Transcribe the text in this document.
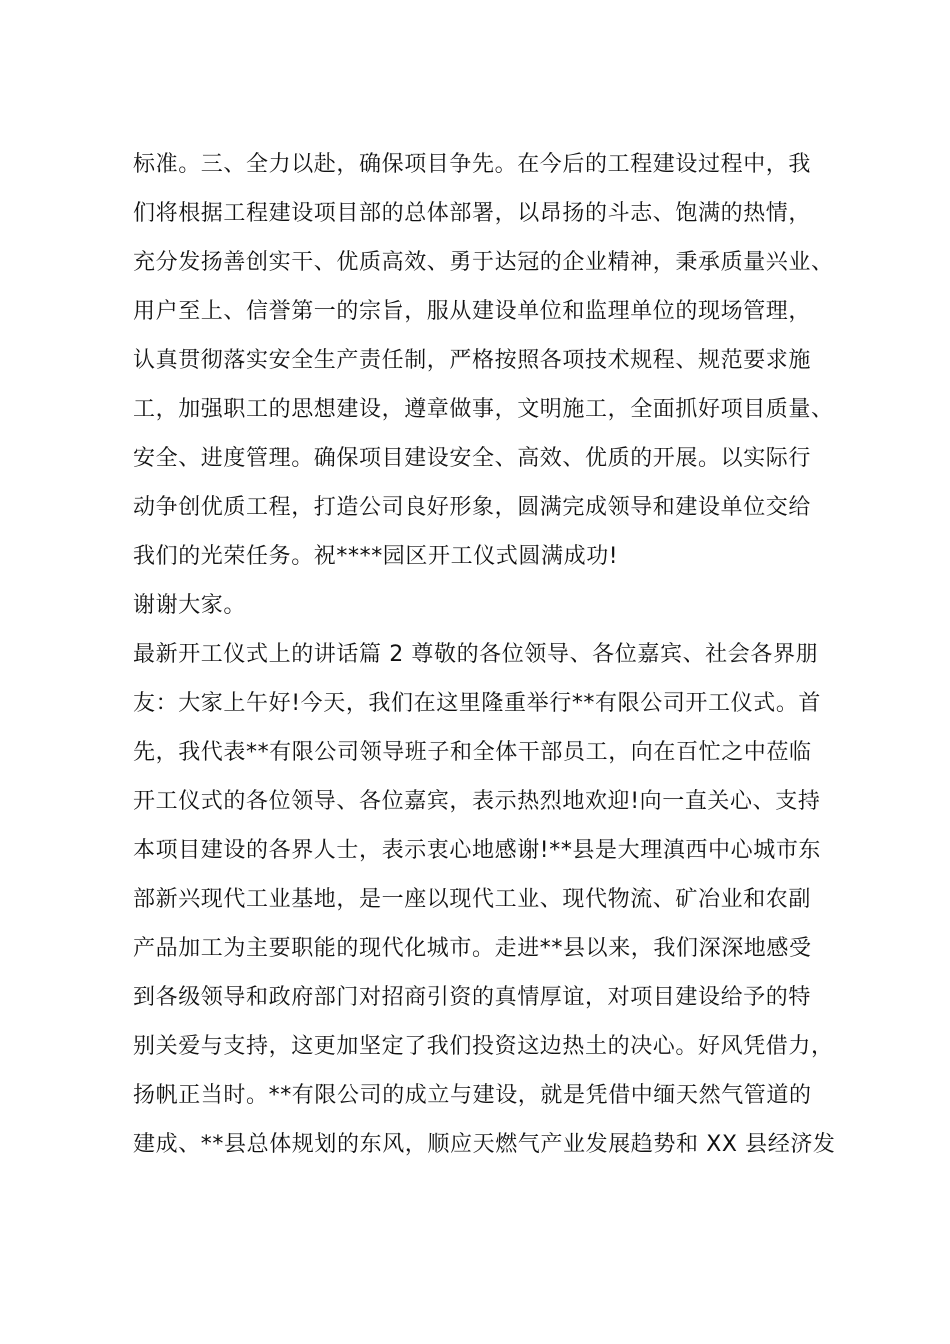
标准。三、全力以赴，确保项目争先。在今后的工程建设过程中，我
们将根据工程建设项目部的总体部署，以昂扬的斗志、饱满的热情，
充分发扬善创实干、优质高效、勇于达冠的企业精神，秉承质量兴业、
用户至上、信誉第一的宗旨，服从建设单位和监理单位的现场管理，
认真贯彻落实安全生产责任制，严格按照各项技术规程、规范要求施
工，加强职工的思想建设，遵章做事，文明施工，全面抓好项目质量、
安全、进度管理。确保项目建设安全、高效、优质的开展。以实际行
动争创优质工程，打造公司良好形象，圆满完成领导和建设单位交给
我们的光荣任务。祝****园区开工仪式圆满成功!
谢谢大家。
最新开工仪式上的讲话篇 2 尊敬的各位领导、各位嘉宾、社会各界朋
友：大家上午好!今天，我们在这里隆重举行**有限公司开工仪式。首
先，我代表**有限公司领导班子和全体干部员工，向在百忙之中莅临
开工仪式的各位领导、各位嘉宾，表示热烈地欢迎!向一直关心、支持
本项目建设的各界人士，表示衷心地感谢!**县是大理滇西中心城市东
部新兴现代工业基地，是一座以现代工业、现代物流、矿冶业和农副
产品加工为主要职能的现代化城市。走进**县以来，我们深深地感受
到各级领导和政府部门对招商引资的真情厚谊，对项目建设给予的特
别关爱与支持，这更加坚定了我们投资这边热土的决心。好风凭借力，
扬帆正当时。**有限公司的成立与建设，就是凭借中缅天然气管道的
建成、**县总体规划的东风，顺应天燃气产业发展趋势和 XX 县经济发
